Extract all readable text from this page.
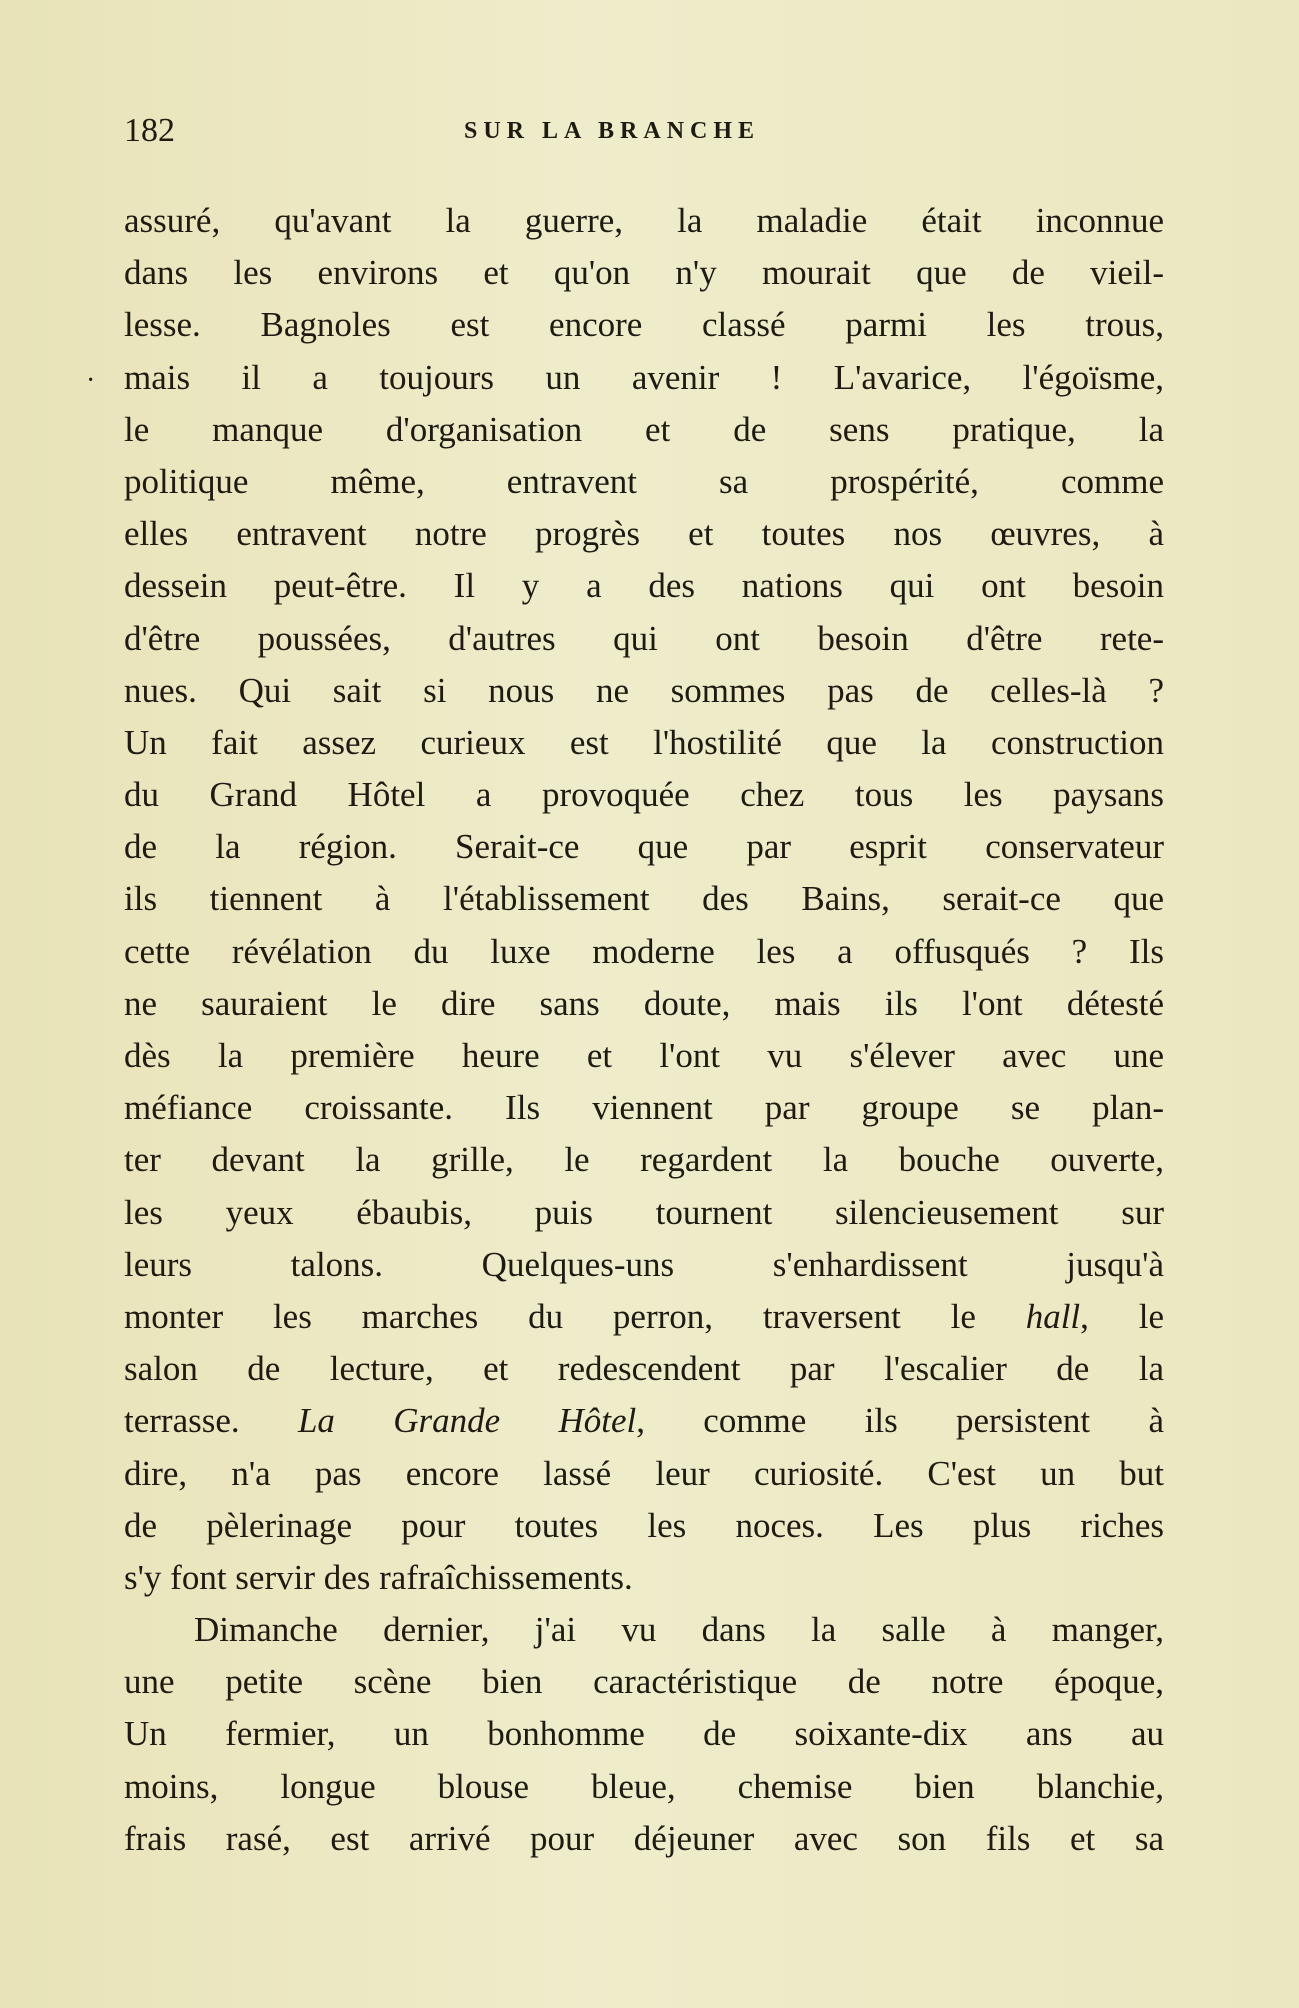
182	SUR LA BRANCHE
·
assuré, qu'avant la guerre, la maladie était inconnue
dans les environs et qu'on n'y mourait que de vieil-
lesse. Bagnoles est encore classé parmi les trous,
mais il a toujours un avenir ! L'avarice, l'égoïsme,
le manque d'organisation et de sens pratique, la
politique même, entravent sa prospérité, comme
elles entravent notre progrès et toutes nos œuvres, à
dessein peut-être. Il y a des nations qui ont besoin
d'être poussées, d'autres qui ont besoin d'être rete-
nues. Qui sait si nous ne sommes pas de celles-là ?
Un fait assez curieux est l'hostilité que la construction
du Grand Hôtel a provoquée chez tous les paysans
de la région. Serait-ce que par esprit conservateur
ils tiennent à l'établissement des Bains, serait-ce que
cette révélation du luxe moderne les a offusqués ? Ils
ne sauraient le dire sans doute, mais ils l'ont détesté
dès la première heure et l'ont vu s'élever avec une
méfiance croissante. Ils viennent par groupe se plan-
ter devant la grille, le regardent la bouche ouverte,
les yeux ébaubis, puis tournent silencieusement sur
leurs talons. Quelques-uns s'enhardissent jusqu'à
monter les marches du perron, traversent le hall, le
salon de lecture, et redescendent par l'escalier de la
terrasse. La Grande Hôtel, comme ils persistent à
dire, n'a pas encore lassé leur curiosité. C'est un but
de pèlerinage pour toutes les noces. Les plus riches
s'y font servir des rafraîchissements.
Dimanche dernier, j'ai vu dans la salle à manger,
une petite scène bien caractéristique de notre époque,
Un fermier, un bonhomme de soixante-dix ans au
moins, longue blouse bleue, chemise bien blanchie,
frais rasé, est arrivé pour déjeuner avec son fils et sa
